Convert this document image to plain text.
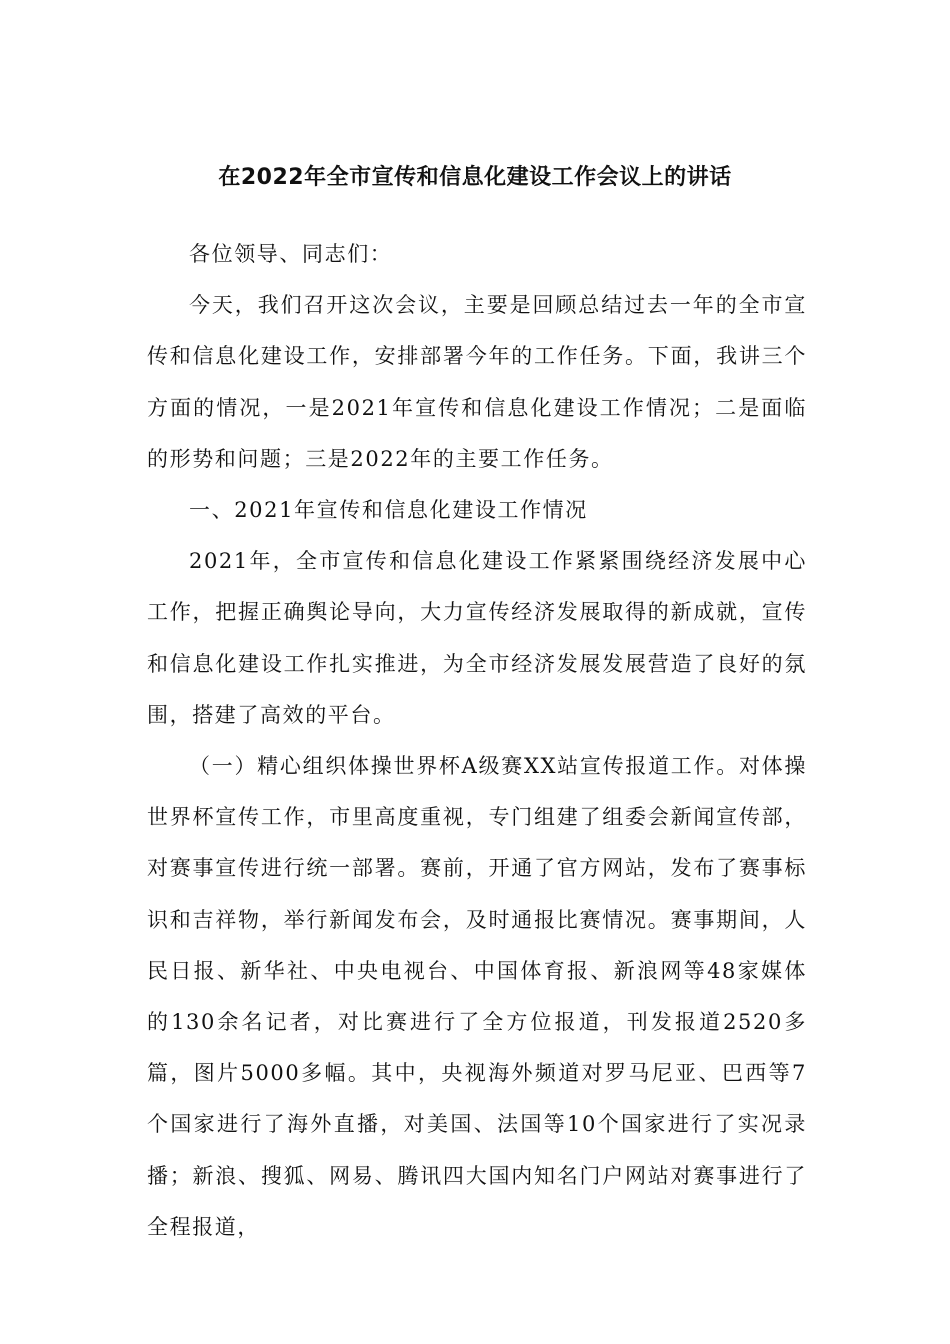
在2022年全市宣传和信息化建设工作会议上的讲话

各位领导、同志们：

今天，我们召开这次会议，主要是回顾总结过去一年的全市宣传和信息化建设工作，安排部署今年的工作任务。下面，我讲三个方面的情况，一是2021年宣传和信息化建设工作情况；二是面临的形势和问题；三是2022年的主要工作任务。

一、2021年宣传和信息化建设工作情况

2021年，全市宣传和信息化建设工作紧紧围绕经济发展中心工作，把握正确舆论导向，大力宣传经济发展取得的新成就，宣传和信息化建设工作扎实推进，为全市经济发展发展营造了良好的氛围，搭建了高效的平台。

（一）精心组织体操世界杯A级赛XX站宣传报道工作。对体操世界杯宣传工作，市里高度重视，专门组建了组委会新闻宣传部，对赛事宣传进行统一部署。赛前，开通了官方网站，发布了赛事标识和吉祥物，举行新闻发布会，及时通报比赛情况。赛事期间，人民日报、新华社、中央电视台、中国体育报、新浪网等48家媒体的130余名记者，对比赛进行了全方位报道，刊发报道2520多篇，图片5000多幅。其中，央视海外频道对罗马尼亚、巴西等7个国家进行了海外直播，对美国、法国等10个国家进行了实况录播；新浪、搜狐、网易、腾讯四大国内知名门户网站对赛事进行了全程报道，
